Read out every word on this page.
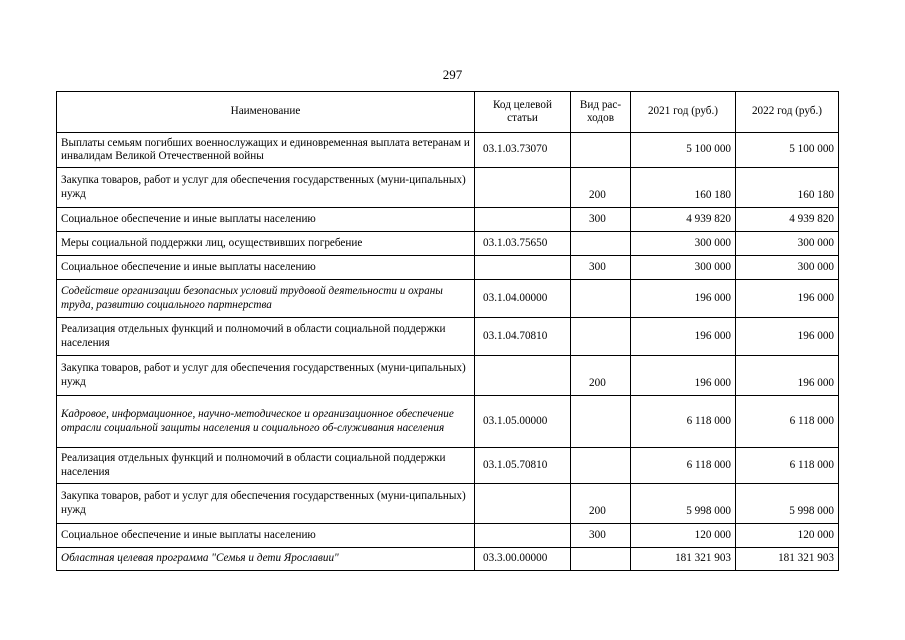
297
Наименование	Код целевой статьи	Вид рас-ходов	2021 год (руб.)	2022 год (руб.)
Выплаты семьям погибших военнослужащих и единовременная выплата ветеранам и инвалидам Великой Отечественной войны	03.1.03.73070		5 100 000	5 100 000
Закупка товаров, работ и услуг для обеспечения государственных (муни-ципальных) нужд		200	160 180	160 180
Социальное обеспечение и иные выплаты населению		300	4 939 820	4 939 820
Меры социальной поддержки лиц, осуществивших погребение	03.1.03.75650		300 000	300 000
Социальное обеспечение и иные выплаты населению		300	300 000	300 000
Содействие организации безопасных условий трудовой деятельности и охраны труда, развитию социального партнерства	03.1.04.00000		196 000	196 000
Реализация отдельных функций и полномочий в области социальной поддержки населения	03.1.04.70810		196 000	196 000
Закупка товаров, работ и услуг для обеспечения государственных (муни-ципальных) нужд		200	196 000	196 000
Кадровое, информационное, научно-методическое и организационное обеспечение отрасли социальной защиты населения и социального об-служивания населения	03.1.05.00000		6 118 000	6 118 000
Реализация отдельных функций и полномочий в области социальной поддержки населения	03.1.05.70810		6 118 000	6 118 000
Закупка товаров, работ и услуг для обеспечения государственных (муни-ципальных) нужд		200	5 998 000	5 998 000
Социальное обеспечение и иные выплаты населению		300	120 000	120 000
Областная целевая программа "Семья и дети Ярославии"	03.3.00.00000		181 321 903	181 321 903
